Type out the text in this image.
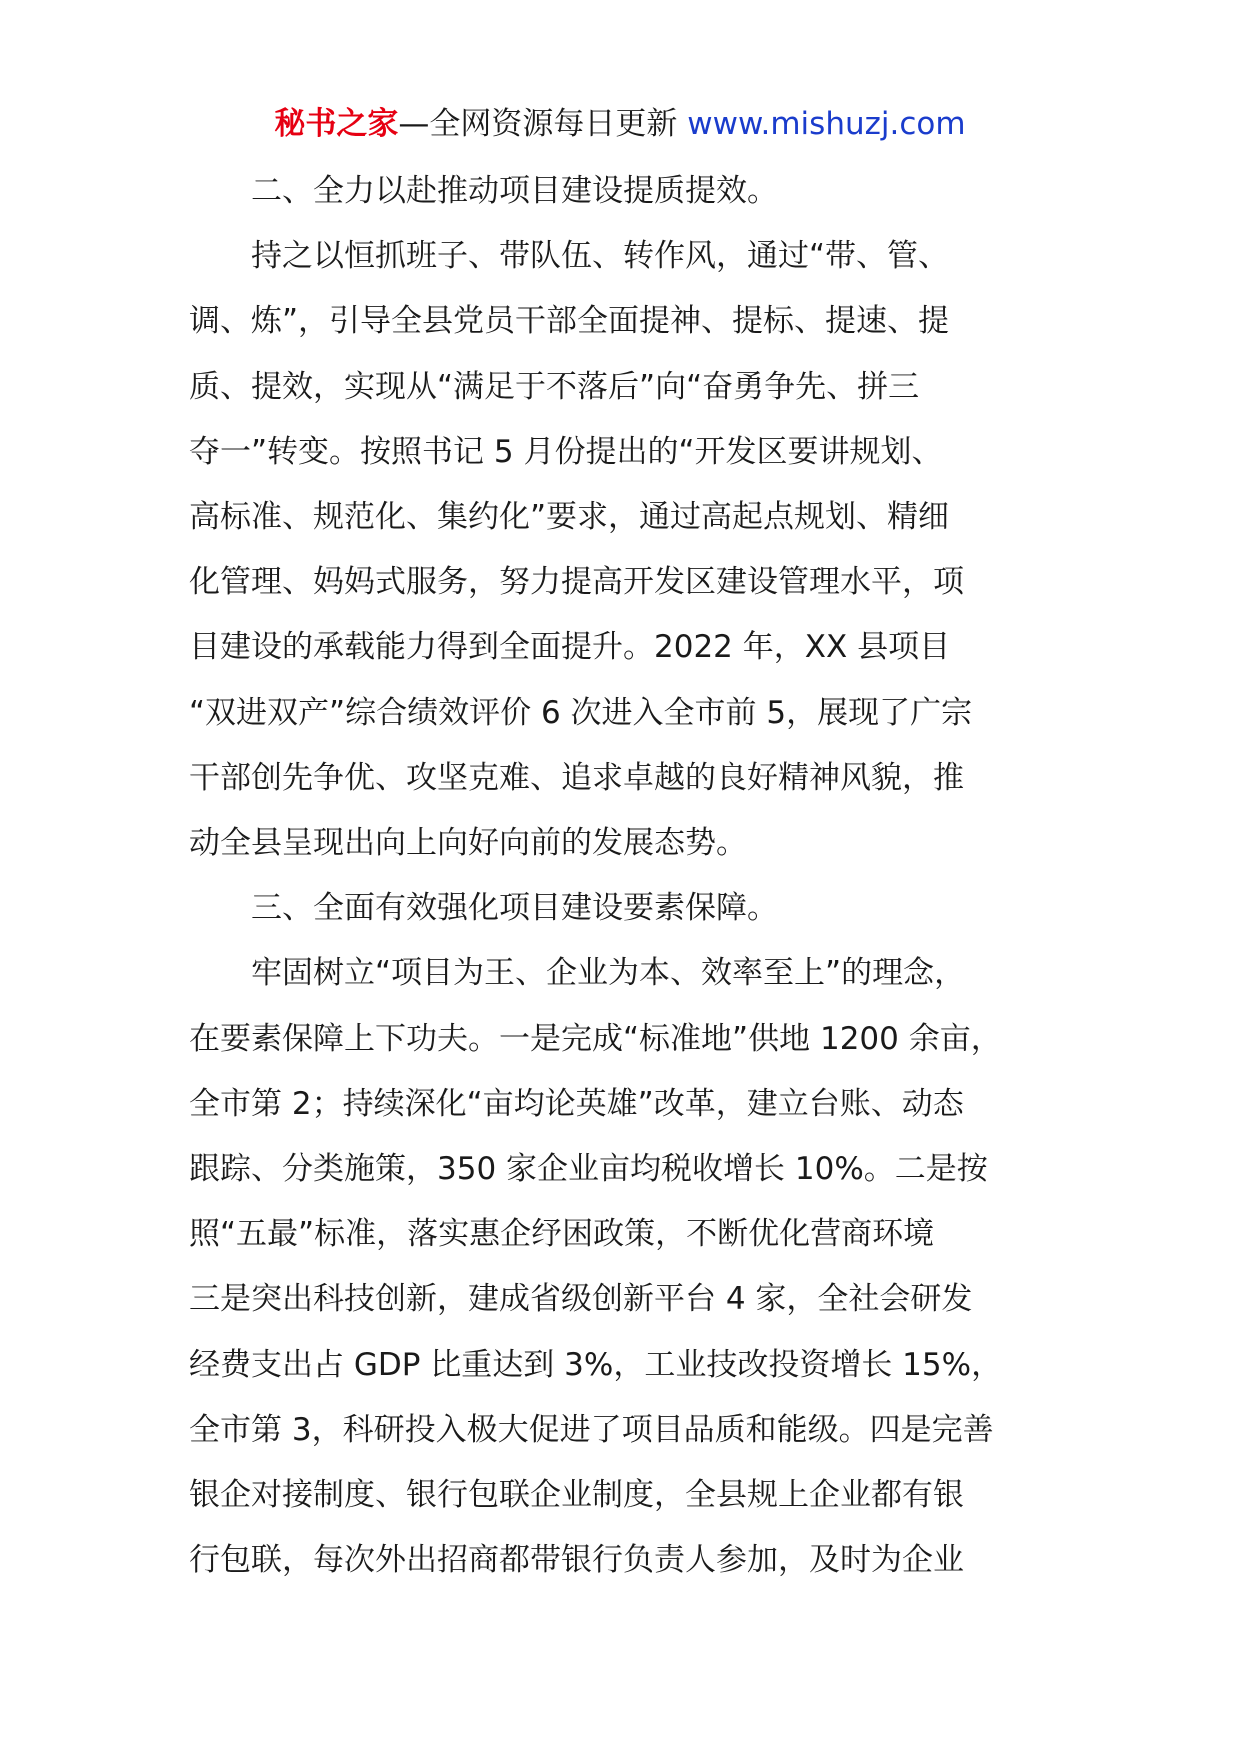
秘书之家—全网资源每日更新 www.mishuzj.com

二、全力以赴推动项目建设提质提效。

持之以恒抓班子、带队伍、转作风，通过“带、管、
调、炼”，引导全县党员干部全面提神、提标、提速、提
质、提效，实现从“满足于不落后”向“奋勇争先、拼三
夺一”转变。按照书记 5 月份提出的“开发区要讲规划、
高标准、规范化、集约化”要求，通过高起点规划、精细
化管理、妈妈式服务，努力提高开发区建设管理水平，项
目建设的承载能力得到全面提升。2022 年，XX 县项目
“双进双产”综合绩效评价 6 次进入全市前 5，展现了广宗
干部创先争优、攻坚克难、追求卓越的良好精神风貌，推
动全县呈现出向上向好向前的发展态势。

三、全面有效强化项目建设要素保障。

牢固树立“项目为王、企业为本、效率至上”的理念，
在要素保障上下功夫。一是完成“标准地”供地 1200 余亩，
全市第 2；持续深化“亩均论英雄”改革，建立台账、动态
跟踪、分类施策，350 家企业亩均税收增长 10%。二是按
照“五最”标准，落实惠企纾困政策，不断优化营商环境
三是突出科技创新，建成省级创新平台 4 家，全社会研发
经费支出占 GDP 比重达到 3%，工业技改投资增长 15%，
全市第 3，科研投入极大促进了项目品质和能级。四是完善
银企对接制度、银行包联企业制度，全县规上企业都有银
行包联，每次外出招商都带银行负责人参加，及时为企业
